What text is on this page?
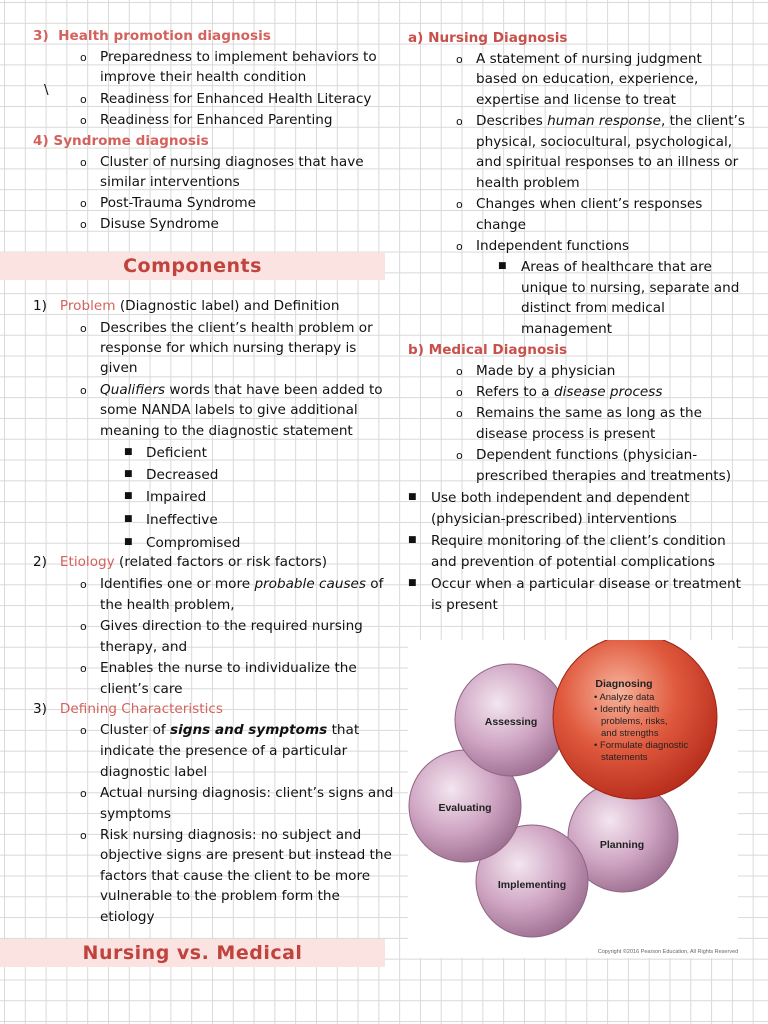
3) Health promotion diagnosis
o Preparedness to implement behaviors to
improve their health condition
\
o Readiness for Enhanced Health Literacy
o Readiness for Enhanced Parenting
4) Syndrome diagnosis
o Cluster of nursing diagnoses that have
similar interventions
o Post-Trauma Syndrome
o Disuse Syndrome
Components
1) Problem (Diagnostic label) and Definition
o Describes the client’s health problem or
response for which nursing therapy is
given
o Qualifiers words that have been added to
some NANDA labels to give additional
meaning to the diagnostic statement
■ Deficient
■ Decreased
■ Impaired
■ Ineffective
■ Compromised
2) Etiology (related factors or risk factors)
o Identifies one or more probable causes of
the health problem,
o Gives direction to the required nursing
therapy, and
o Enables the nurse to individualize the
client’s care
3) Defining Characteristics
o Cluster of signs and symptoms that
indicate the presence of a particular
diagnostic label
o Actual nursing diagnosis: client’s signs and
symptoms
o Risk nursing diagnosis: no subject and
objective signs are present but instead the
factors that cause the client to be more
vulnerable to the problem form the
etiology
Nursing vs. Medical
a) Nursing Diagnosis
o A statement of nursing judgment
based on education, experience,
expertise and license to treat
o Describes human response, the client’s
physical, sociocultural, psychological,
and spiritual responses to an illness or
health problem
o Changes when client’s responses
change
o Independent functions
■ Areas of healthcare that are
unique to nursing, separate and
distinct from medical
management
b) Medical Diagnosis
o Made by a physician
o Refers to a disease process
o Remains the same as long as the
disease process is present
o Dependent functions (physician-
prescribed therapies and treatments)
■ Use both independent and dependent
(physician-prescribed) interventions
■ Require monitoring of the client’s condition
and prevention of potential complications
■ Occur when a particular disease or treatment
is present
Assessing
Diagnosing
• Analyze data
• Identify health
problems, risks,
and strengths
• Formulate diagnostic
statements
Planning
Implementing
Evaluating
Copyright ©2016 Pearson Education, All Rights Reserved
